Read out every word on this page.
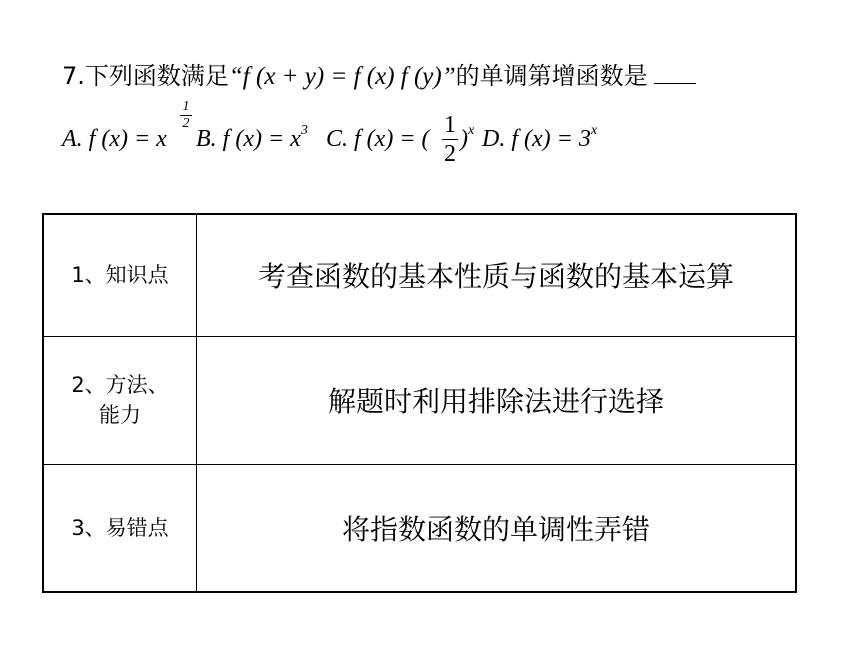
7.下列函数满足“f (x + y) = f (x) f (y)”的单调第增函数是
A. f (x) = x
1
2
B. f $(x) = x^3$ C. f (x) = (
1
2
)$^x$ D. f $(x) = 3^x$
1、知识点	考查函数的基本性质与函数的基本运算

2、方法、
能力	解题时利用排除法进行选择
3、易错点	将指数函数的单调性弄错
